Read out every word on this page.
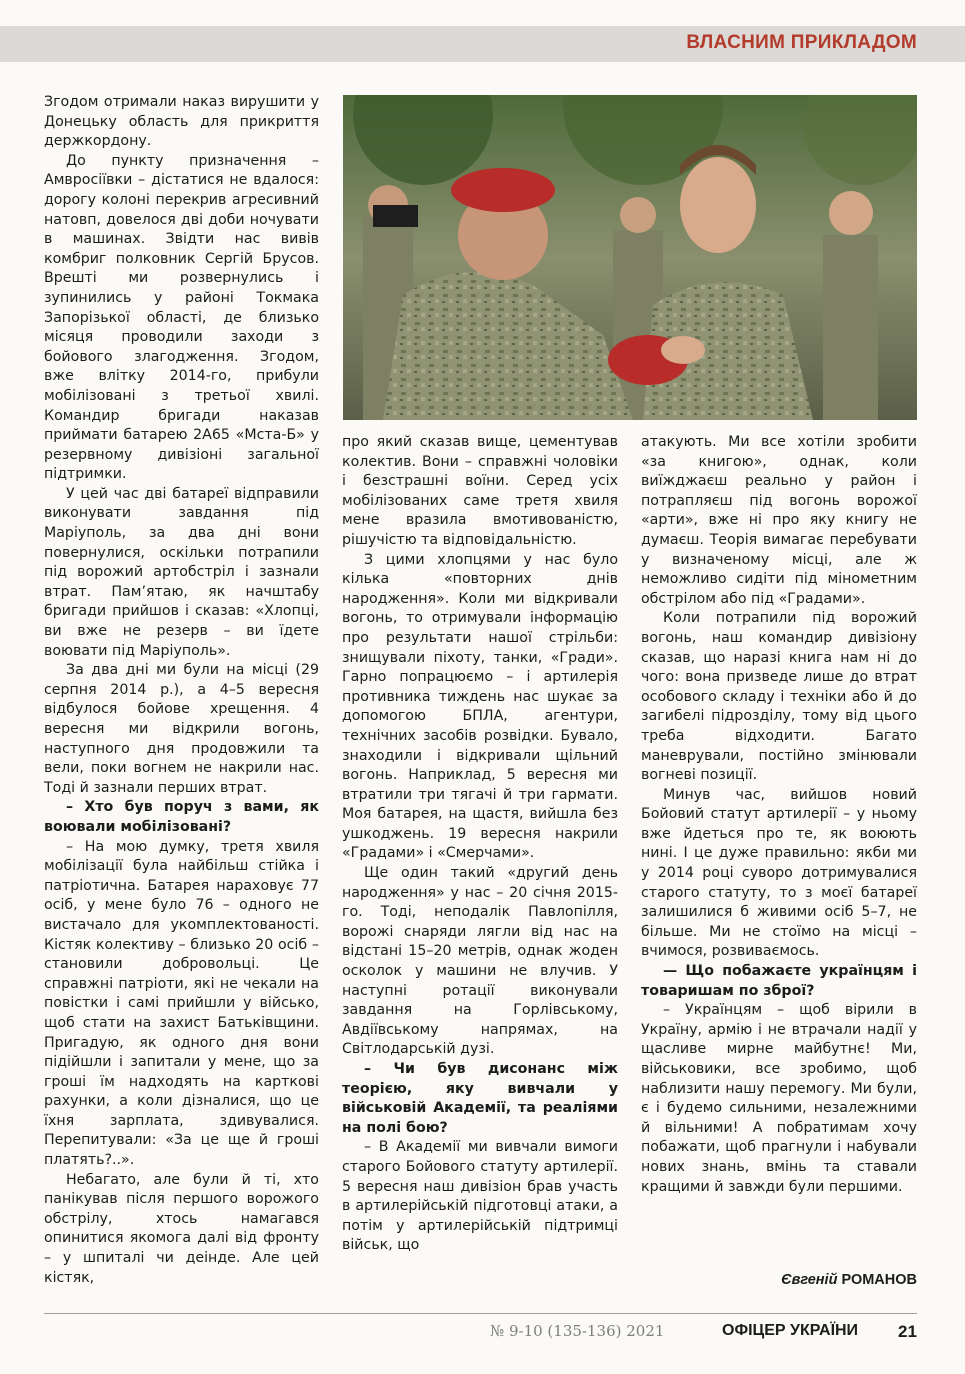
ВЛАСНИМ ПРИКЛАДОМ

Згодом отримали наказ вирушити у Донецьку область для прикриття держкордону.

До пункту призначення – Амвросіївки – дістатися не вдалося: дорогу колоні перекрив агресивний натовп, довелося дві доби ночувати в машинах. Звідти нас вивів комбриг полковник Сергій Брусов. Врешті ми розвернулись і зупинились у районі Токмака Запорізької області, де близько місяця проводили заходи з бойового злагодження. Згодом, вже влітку 2014-го, прибули мобілізовані з третьої хвилі. Командир бригади наказав приймати батарею 2А65 «Мста-Б» у резервному дивізіоні загальної підтримки.

У цей час дві батареї відправили виконувати завдання під Маріуполь, за два дні вони повернулися, оскільки потрапили під ворожий артобстріл і зазнали втрат. Пам’ятаю, як начштабу бригади прийшов і сказав: «Хлопці, ви вже не резерв – ви їдете воювати під Маріуполь».

За два дні ми були на місці (29 серпня 2014 р.), а 4–5 вересня відбулося бойове хрещення. 4 вересня ми відкрили вогонь, наступного дня продовжили та вели, поки вогнем не накрили нас. Тоді й зазнали перших втрат.

– Хто був поруч з вами, як воювали мобілізовані?

– На мою думку, третя хвиля мобілізації була найбільш стійка і патріотична. Батарея нараховує 77 осіб, у мене було 76 – одного не вистачало для укомплектованості. Кістяк колективу – близько 20 осіб – становили добровольці. Це справжні патріоти, які не чекали на повістки і самі прийшли у військо, щоб стати на захист Батьківщини. Пригадую, як одного дня вони підійшли і запитали у мене, що за гроші їм надходять на карткові рахунки, а коли дізналися, що це їхня зарплата, здивувалися. Перепитували: «За це ще й гроші платять?..».

Небагато, але були й ті, хто панікував після першого ворожого обстрілу, хтось намагався опинитися якомога далі від фронту – у шпиталі чи деінде. Але цей кістяк,

про який сказав вище, цементував колектив. Вони – справжні чоловіки і безстрашні воїни. Серед усіх мобілізованих саме третя хвиля мене вразила вмотивованістю, рішучістю та відповідальністю.

З цими хлопцями у нас було кілька «повторних днів народження». Коли ми відкривали вогонь, то отримували інформацію про результати нашої стрільби: знищували піхоту, танки, «Гради». Гарно попрацюємо – і артилерія противника тиждень нас шукає за допомогою БПЛА, агентури, технічних засобів розвідки. Бувало, знаходили і відкривали щільний вогонь. Наприклад, 5 вересня ми втратили три тягачі й три гармати. Моя батарея, на щастя, вийшла без ушкоджень. 19 вересня накрили «Градами» і «Смерчами».

Ще один такий «другий день народження» у нас – 20 січня 2015-го. Тоді, неподалік Павлопілля, ворожі снаряди лягли від нас на відстані 15–20 метрів, однак жоден осколок у машини не влучив. У наступні ротації виконували завдання на Горлівському, Авдіївському напрямах, на Світлодарській дузі.

– Чи був дисонанс між теорією, яку вивчали у військовій Академії, та реаліями на полі бою?

– В Академії ми вивчали вимоги старого Бойового статуту артилерії. 5 вересня наш дивізіон брав участь в артилерійській підготовці атаки, а потім у артилерійській підтримці військ, що

атакують. Ми все хотіли зробити «за книгою», однак, коли виїжджаєш реально у район і потрапляєш під вогонь ворожої «арти», вже ні про яку книгу не думаєш. Теорія вимагає перебувати у визначеному місці, але ж неможливо сидіти під мінометним обстрілом або під «Градами».

Коли потрапили під ворожий вогонь, наш командир дивізіону сказав, що наразі книга нам ні до чого: вона призведе лише до втрат особового складу і техніки або й до загибелі підрозділу, тому від цього треба відходити. Багато маневрували, постійно змінювали вогневі позиції.

Минув час, вийшов новий Бойовий статут артилерії – у ньому вже йдеться про те, як воюють нині. І це дуже правильно: якби ми у 2014 році суворо дотримувалися старого статуту, то з моєї батареї залишилися б живими осіб 5–7, не більше. Ми не стоїмо на місці – вчимося, розвиваємось.

— Що побажаєте українцям і товаришам по зброї?

– Українцям – щоб вірили в Україну, армію і не втрачали надії у щасливе мирне майбутнє! Ми, військовики, все зробимо, щоб наблизити нашу перемогу. Ми були, є і будемо сильними, незалежними й вільними! А побратимам хочу побажати, щоб прагнули і набували нових знань, вмінь та ставали кращими й завжди були першими.

Євгеній РОМАНОВ
№ 9-10 (135-136) 2021	ОФІЦЕР УКРАЇНИ 21
